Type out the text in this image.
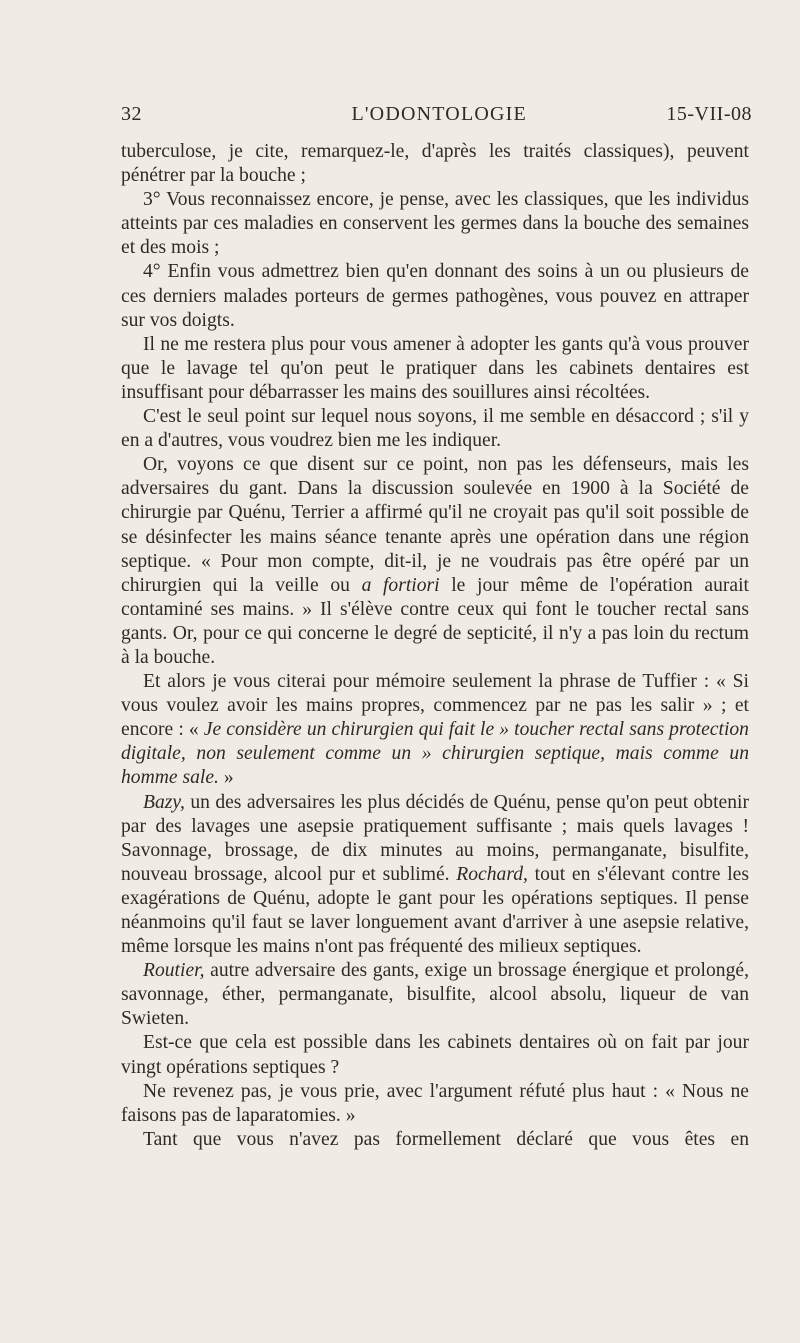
32	L'ODONTOLOGIE	15-VII-08

tuberculose, je cite, remarquez-le, d'après les traités classiques), peuvent pénétrer par la bouche ;

3° Vous reconnaissez encore, je pense, avec les classiques, que les individus atteints par ces maladies en conservent les germes dans la bouche des semaines et des mois ;

4° Enfin vous admettrez bien qu'en donnant des soins à un ou plusieurs de ces derniers malades porteurs de germes pathogènes, vous pouvez en attraper sur vos doigts.

Il ne me restera plus pour vous amener à adopter les gants qu'à vous prouver que le lavage tel qu'on peut le pratiquer dans les cabinets dentaires est insuffisant pour débarrasser les mains des souillures ainsi récoltées.

C'est le seul point sur lequel nous soyons, il me semble en désaccord ; s'il y en a d'autres, vous voudrez bien me les indiquer.

Or, voyons ce que disent sur ce point, non pas les défenseurs, mais les adversaires du gant. Dans la discussion soulevée en 1900 à la Société de chirurgie par Quénu, Terrier a affirmé qu'il ne croyait pas qu'il soit possible de se désinfecter les mains séance tenante après une opération dans une région septique. « Pour mon compte, dit-il, je ne voudrais pas être opéré par un chirurgien qui la veille ou a fortiori le jour même de l'opération aurait contaminé ses mains. » Il s'élève contre ceux qui font le toucher rectal sans gants. Or, pour ce qui concerne le degré de septicité, il n'y a pas loin du rectum à la bouche.

Et alors je vous citerai pour mémoire seulement la phrase de Tuffier : « Si vous voulez avoir les mains propres, commencez par ne pas les salir » ; et encore : « Je considère un chirurgien qui fait le » toucher rectal sans protection digitale, non seulement comme un » chirurgien septique, mais comme un homme sale. »

Bazy, un des adversaires les plus décidés de Quénu, pense qu'on peut obtenir par des lavages une asepsie pratiquement suffisante ; mais quels lavages ! Savonnage, brossage, de dix minutes au moins, permanganate, bisulfite, nouveau brossage, alcool pur et sublimé. Rochard, tout en s'élevant contre les exagérations de Quénu, adopte le gant pour les opérations septiques. Il pense néanmoins qu'il faut se laver longuement avant d'arriver à une asepsie relative, même lorsque les mains n'ont pas fréquenté des milieux septiques.

Routier, autre adversaire des gants, exige un brossage énergique et prolongé, savonnage, éther, permanganate, bisulfite, alcool absolu, liqueur de van Swieten.

Est-ce que cela est possible dans les cabinets dentaires où on fait par jour vingt opérations septiques ?

Ne revenez pas, je vous prie, avec l'argument réfuté plus haut : « Nous ne faisons pas de laparatomies. »

Tant que vous n'avez pas formellement déclaré que vous êtes en
